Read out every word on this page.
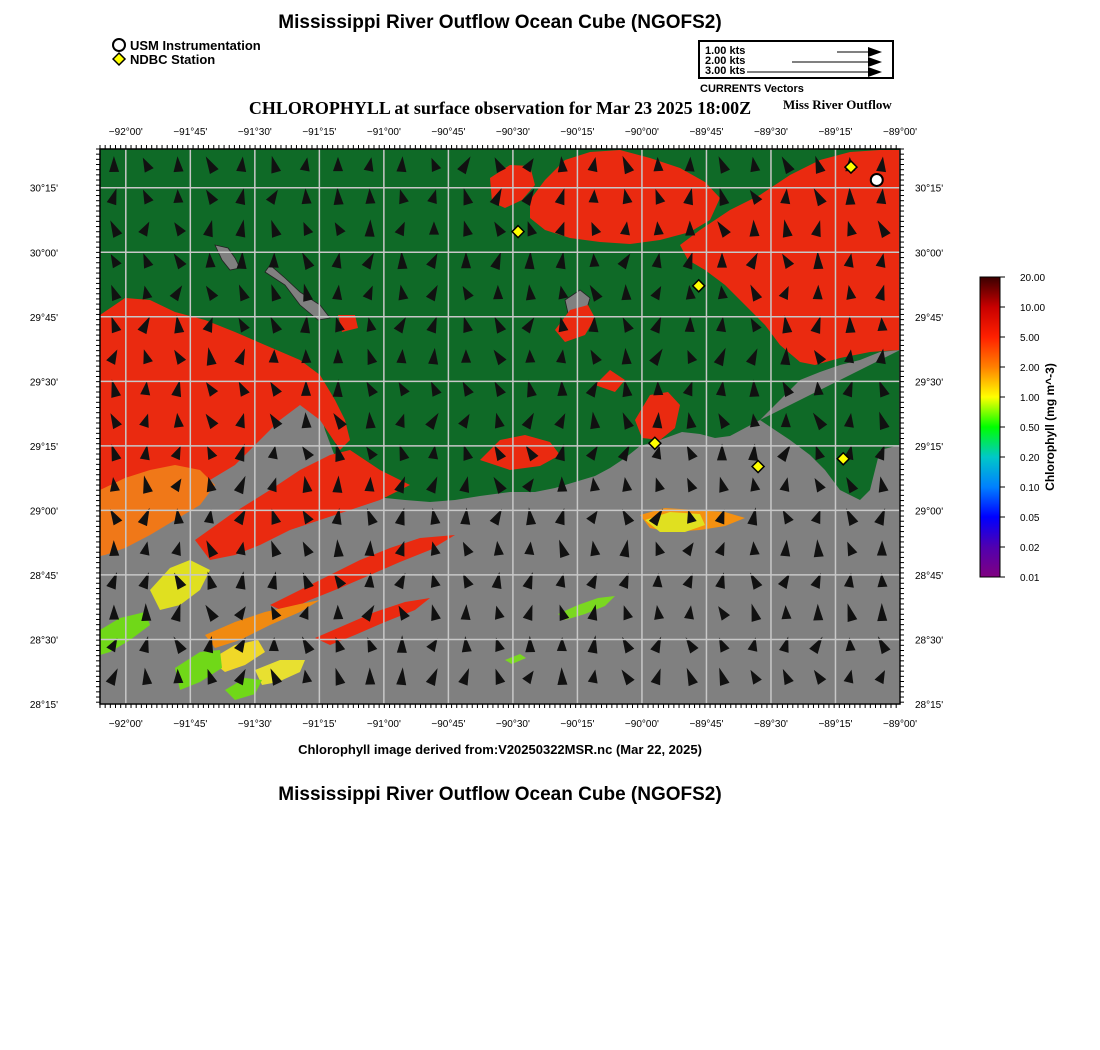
Mississippi River Outflow Ocean Cube (NGOFS2)
USM Instrumentation
NDBC Station
1.00 kts
2.00 kts
3.00 kts
CURRENTS Vectors
CHLOROPHYLL at surface observation for Mar 23 2025 18:00Z	Miss River Outflow
−92°00'	−91°45'	−91°30'	−91°15'	−91°00'	−90°45'	−90°30'	−90°15'	−90°00'	−89°45'	−89°30'	−89°15'	−89°00'
−92°00'	−91°45'	−91°30'	−91°15'	−91°00'	−90°45'	−90°30'	−90°15'	−90°00'	−89°45'	−89°30'	−89°15'	−89°00'
30°15'
30°00'
29°45'
29°30'
29°15'
29°00'
28°45'
28°30'
28°15'
30°15'
30°00'
29°45'
29°30'
29°15'
29°00'
28°45'
28°30'
28°15'
20.00
10.00
5.00
2.00
1.00
0.50
0.20
0.10
0.05
0.02
0.01
Chlorophyll (mg m^-3)
Chlorophyll image derived from:V20250322MSR.nc (Mar 22, 2025)
Mississippi River Outflow Ocean Cube (NGOFS2)
